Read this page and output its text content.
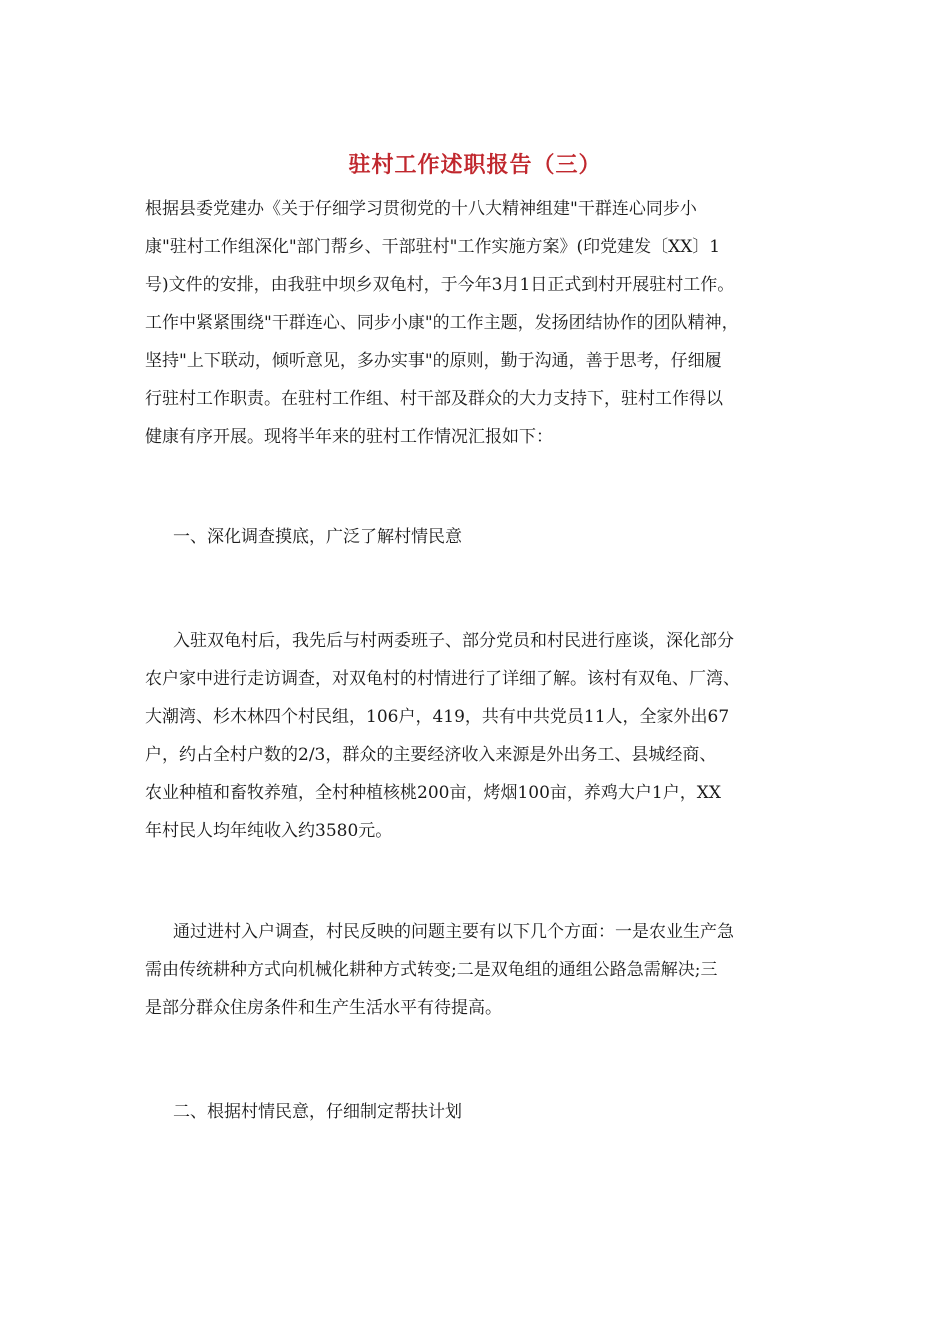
驻村工作述职报告（三）
根据县委党建办《关于仔细学习贯彻党的十八大精神组建"干群连心同步小
康"驻村工作组深化"部门帮乡、干部驻村"工作实施方案》(印党建发〔XX〕1
号)文件的安排，由我驻中坝乡双龟村，于今年3月1日正式到村开展驻村工作。
工作中紧紧围绕"干群连心、同步小康"的工作主题，发扬团结协作的团队精神，
坚持"上下联动，倾听意见，多办实事"的原则，勤于沟通，善于思考，仔细履
行驻村工作职责。在驻村工作组、村干部及群众的大力支持下，驻村工作得以
健康有序开展。现将半年来的驻村工作情况汇报如下：
一、深化调查摸底，广泛了解村情民意
入驻双龟村后，我先后与村两委班子、部分党员和村民进行座谈，深化部分
农户家中进行走访调查，对双龟村的村情进行了详细了解。该村有双龟、厂湾、
大潮湾、杉木林四个村民组，106户，419，共有中共党员11人，全家外出67
户，约占全村户数的2/3，群众的主要经济收入来源是外出务工、县城经商、
农业种植和畜牧养殖，全村种植核桃200亩，烤烟100亩，养鸡大户1户，XX
年村民人均年纯收入约3580元。
通过进村入户调查，村民反映的问题主要有以下几个方面：一是农业生产急
需由传统耕种方式向机械化耕种方式转变;二是双龟组的通组公路急需解决;三
是部分群众住房条件和生产生活水平有待提高。
二、根据村情民意，仔细制定帮扶计划
